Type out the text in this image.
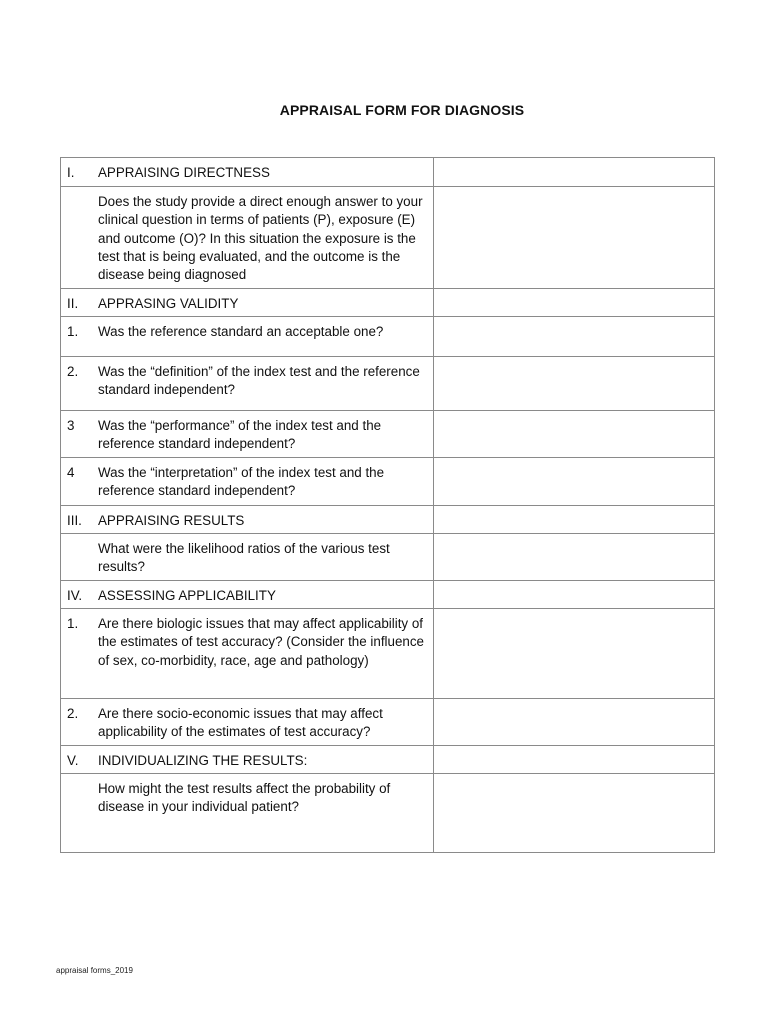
APPRAISAL FORM FOR DIAGNOSIS
I. APPRAISING DIRECTNESS	

Does the study provide a direct enough answer to your clinical question in terms of patients (P), exposure (E) and outcome (O)? In this situation the exposure is the test that is being evaluated, and the outcome is the disease being diagnosed	

II. APPRASING VALIDITY	

1. Was the reference standard an acceptable one?	

2. Was the “definition” of the index test and the reference standard independent?	

3 Was the “performance” of the index test and the reference standard independent?	

4 Was the “interpretation” of the index test and the reference standard independent?	

III. APPRAISING RESULTS	

What were the likelihood ratios of the various test results?	

IV. ASSESSING APPLICABILITY	

1. Are there biologic issues that may affect applicability of the estimates of test accuracy? (Consider the influence of sex, co-morbidity, race, age and pathology)	

2. Are there socio-economic issues that may affect applicability of the estimates of test accuracy?	

V. INDIVIDUALIZING THE RESULTS:	

How might the test results affect the probability of disease in your individual patient?	

appraisal forms_2019
